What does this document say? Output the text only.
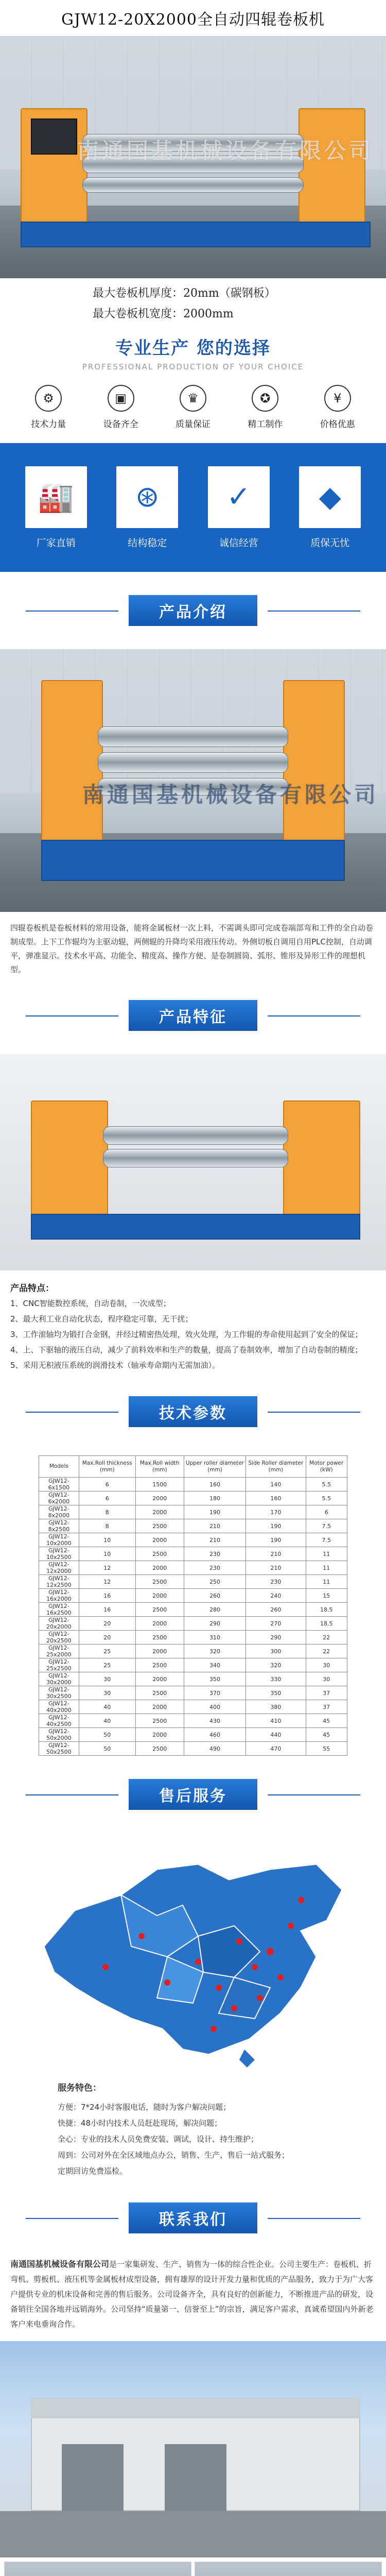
GJW12-20X2000全自动四辊卷板机
南通国基机械设备有限公司
最大卷板机厚度：20mm（碳钢板）
最大卷板机宽度：2000mm
专业生产 您的选择
PROFESSIONAL PRODUCTION OF YOUR CHOICE
⚙
技术力量
▣
设备齐全
♛
质量保证
✪
精工制作
¥
价格优惠
🏭
厂家直销
⊛
结构稳定
✓
诚信经营
◆
质保无忧
产品介绍
南通国基机械设备有限公司
四辊卷板机是卷板材料的常用设备，能将金属板材一次上料，不需调头即可完成卷端部弯和工件的全自动卷制成型。上下工作辊均为主驱动辊，两侧辊的升降均采用液压传动。外侧切板自调用自用PLC控制，自动调平，弹准显示。技术水平高、功能全、精度高、操作方便、是卷制圆筒、弧形、锥形及异形工件的理想机型。
产品特征
产品特点：
1、CNC智能数控系统，自动卷制，一次成型；
2、最大利工业自动化状态，程序稳定可靠，无干扰；
3、工作滚轴均为锻打合金钢，并经过精密热处理，效火处理，为工作辊的寿命使用起到了安全的保证；
4、上、下驱轴的液压自动，减少了前料效率和生产的数量，提高了卷制效率，增加了自动卷制的精度；
5、采用无积液压系统的润滑技术（轴承寿命期内无需加油）。
技术参数
Models	Max.Roll thickness (mm)	Max.Roll width (mm)	Upper roller diameter (mm)	Side Roller diameter (mm)	Motor power (kW)
GJW12-6x1500	6	1500	160	140	5.5
GJW12-6x2000	6	2000	180	160	5.5
GJW12-8x2000	8	2000	190	170	6
GJW12-8x2500	8	2500	210	190	7.5
GJW12-10x2000	10	2000	210	190	7.5
GJW12-10x2500	10	2500	230	210	11
GJW12-12x2000	12	2000	230	210	11
GJW12-12x2500	12	2500	250	230	11
GJW12-16x2000	16	2000	260	240	15
GJW12-16x2500	16	2500	280	260	18.5
GJW12-20x2000	20	2000	290	270	18.5
GJW12-20x2500	20	2500	310	290	22
GJW12-25x2000	25	2000	320	300	22
GJW12-25x2500	25	2500	340	320	30
GJW12-30x2000	30	2000	350	330	30
GJW12-30x2500	30	2500	370	350	37
GJW12-40x2000	40	2000	400	380	37
GJW12-40x2500	40	2500	430	410	45
GJW12-50x2000	50	2000	460	440	45
GJW12-50x2500	50	2500	490	470	55
售后服务
服务特色：
方便：7*24小时客服电话，随时为客户解决问题；
快捷：48小时内技术人员赶赴现场，解决问题；
全心：专业的技术人员免费安装、调试，设计、持生维护；
周到：公司对外在全区域地点办公，销售、生产、售后一站式服务；
定期回访免费巡检。
联系我们
南通国基机械设备有限公司是一家集研发、生产、销售为一体的综合性企业。公司主要生产：卷板机、折弯机、剪板机、液压机等金属板材成型设备，拥有雄厚的设计开发力量和优质的产品服务，致力于为广大客户提供专业的机床设备和完善的售后服务。公司设备齐全，具有良好的创新能力，不断推进产品的研发，设备销往全国各地并远销海外。公司坚持“质量第一、信誉至上”的宗旨，满足客户需求，真诚希望国内外新老客户来电垂询合作。
